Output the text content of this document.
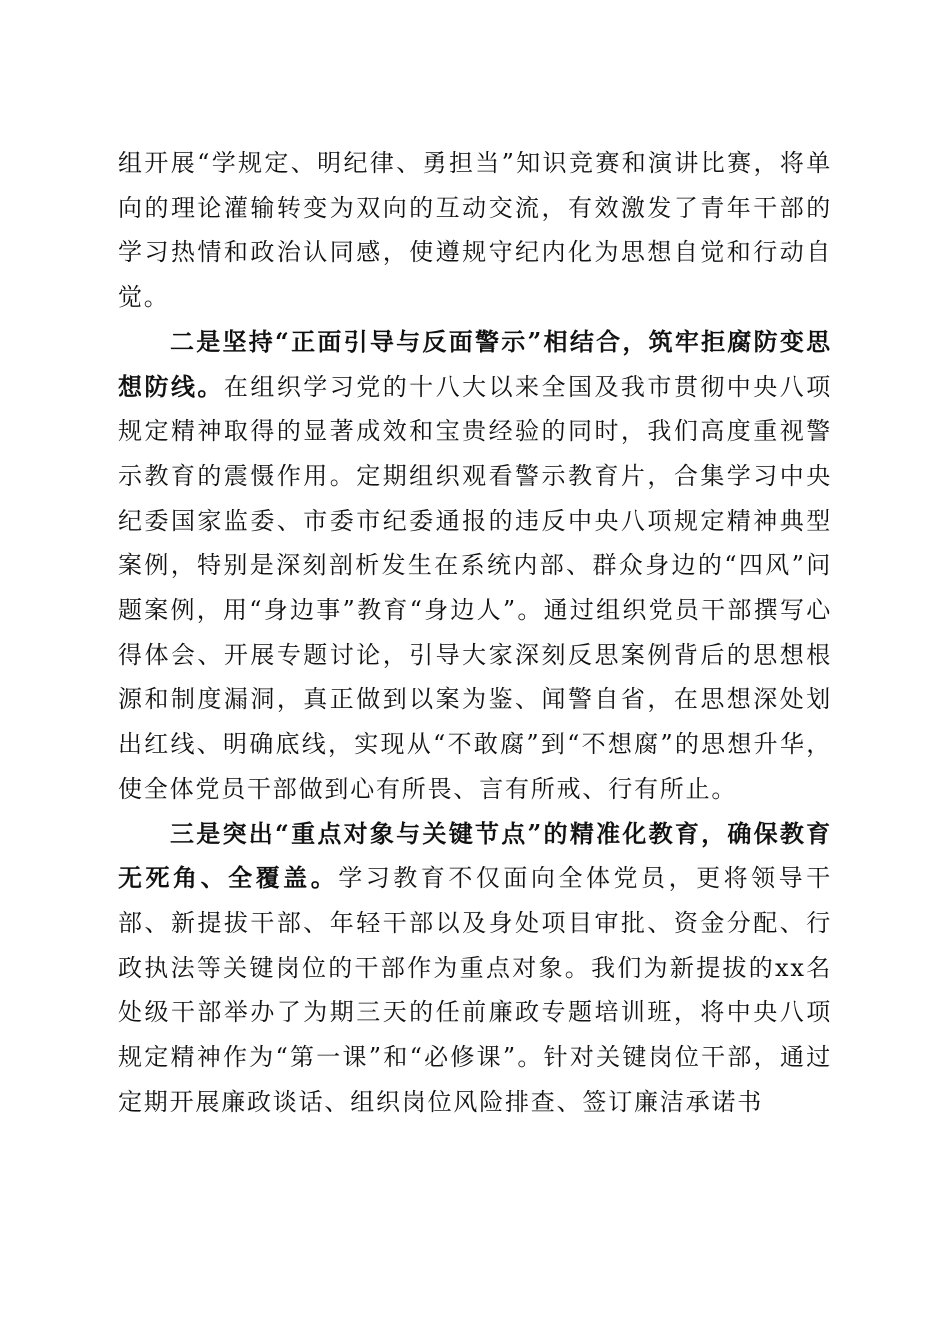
组开展“学规定、明纪律、勇担当”知识竞赛和演讲比赛，将单向的理论灌输转变为双向的互动交流，有效激发了青年干部的学习热情和政治认同感，使遵规守纪内化为思想自觉和行动自觉。

二是坚持“正面引导与反面警示”相结合，筑牢拒腐防变思想防线。在组织学习党的十八大以来全国及我市贯彻中央八项规定精神取得的显著成效和宝贵经验的同时，我们高度重视警示教育的震慑作用。定期组织观看警示教育片，合集学习中央纪委国家监委、市委市纪委通报的违反中央八项规定精神典型案例，特别是深刻剖析发生在系统内部、群众身边的“四风”问题案例，用“身边事”教育“身边人”。通过组织党员干部撰写心得体会、开展专题讨论，引导大家深刻反思案例背后的思想根源和制度漏洞，真正做到以案为鉴、闻警自省，在思想深处划出红线、明确底线，实现从“不敢腐”到“不想腐”的思想升华，使全体党员干部做到心有所畏、言有所戒、行有所止。

三是突出“重点对象与关键节点”的精准化教育，确保教育无死角、全覆盖。学习教育不仅面向全体党员，更将领导干部、新提拔干部、年轻干部以及身处项目审批、资金分配、行政执法等关键岗位的干部作为重点对象。我们为新提拔的xx名处级干部举办了为期三天的任前廉政专题培训班，将中央八项规定精神作为“第一课”和“必修课”。针对关键岗位干部，通过定期开展廉政谈话、组织岗位风险排查、签订廉洁承诺书
